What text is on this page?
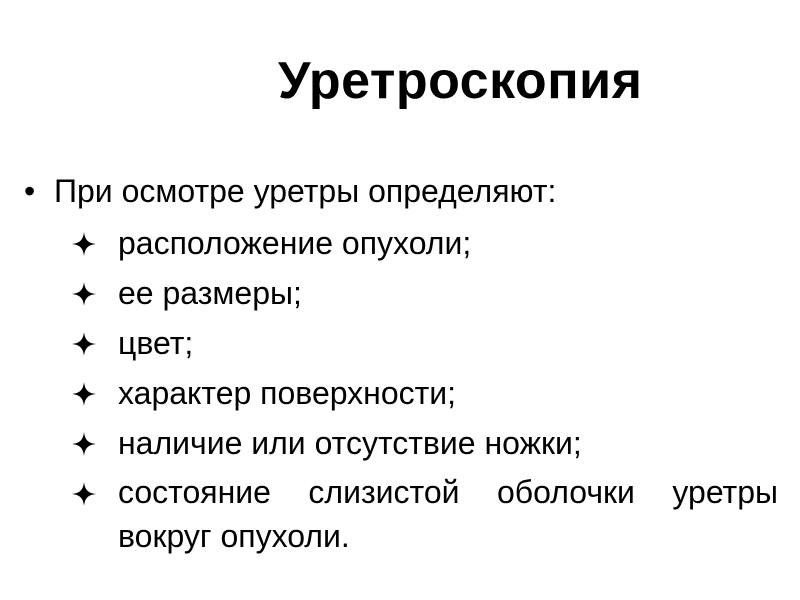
Уретроскопия
• При осмотре уретры определяют:
расположение опухоли;
ее размеры;
цвет;
характер поверхности;
наличие или отсутствие ножки;
состояние слизистой оболочки уретры вокруг опухоли.
